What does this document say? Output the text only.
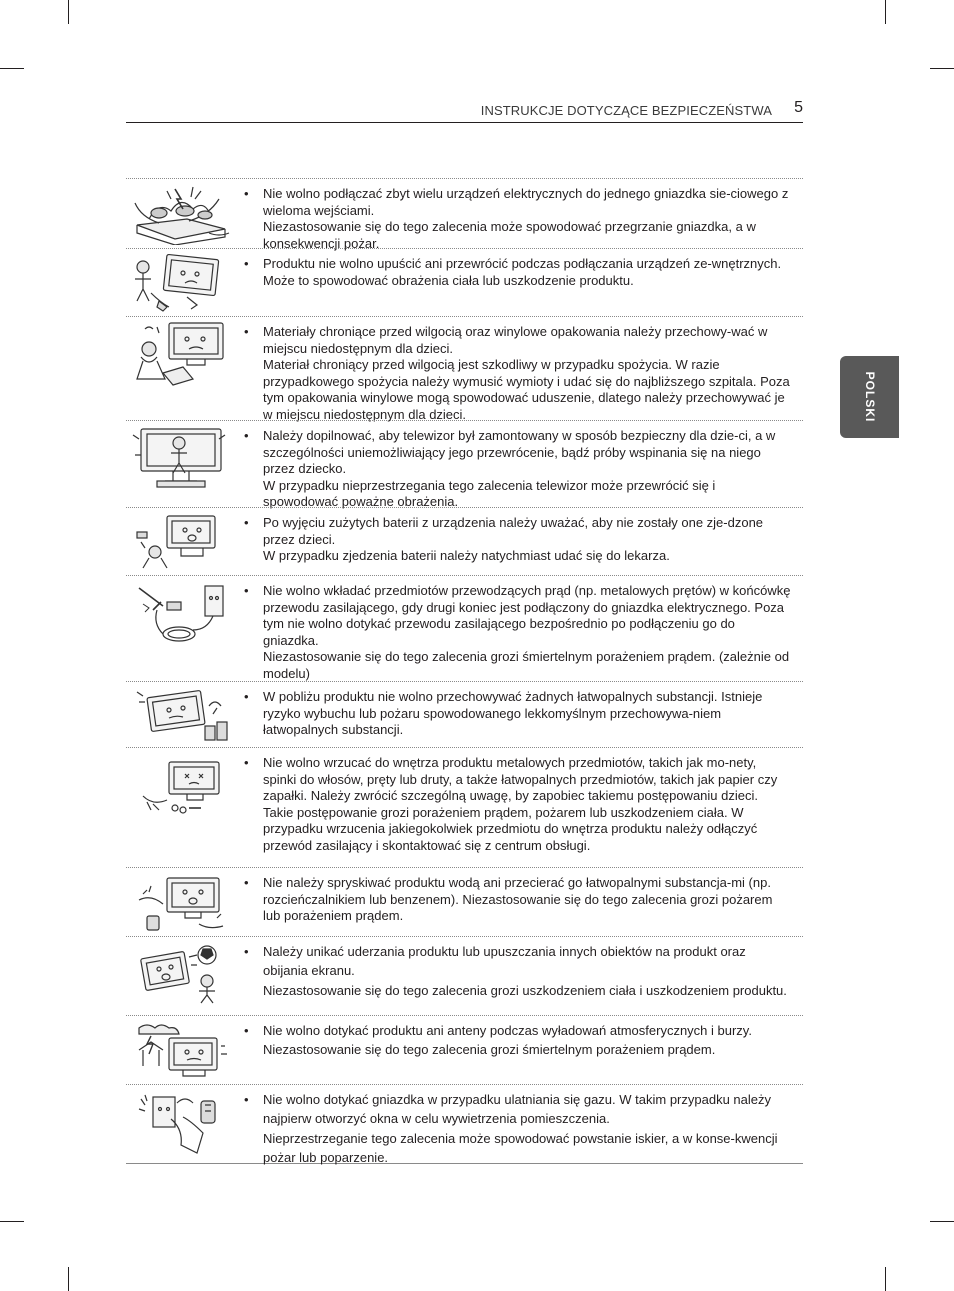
INSTRUKCJE DOTYCZĄCE BEZPIECZEŃSTWA 5
POLSKI
• Nie wolno podłączać zbyt wielu urządzeń elektrycznych do jednego gniazdka sie-ciowego z wieloma wejściami.

Niezastosowanie się do tego zalecenia może spowodować przegrzanie gniazdka, a w konsekwencji pożar.

• Produktu nie wolno upuścić ani przewrócić podczas podłączania urządzeń ze-wnętrznych.

Może to spowodować obrażenia ciała lub uszkodzenie produktu.

• Materiały chroniące przed wilgocią oraz winylowe opakowania należy przechowy-wać w miejscu niedostępnym dla dzieci.

Materiał chroniący przed wilgocią jest szkodliwy w przypadku spożycia. W razie przypadkowego spożycia należy wymusić wymioty i udać się do najbliższego szpitala. Poza tym opakowania winylowe mogą spowodować uduszenie, dlatego należy przechowywać je w miejscu niedostępnym dla dzieci.

• Należy dopilnować, aby telewizor był zamontowany w sposób bezpieczny dla dzie-ci, a w szczególności uniemożliwiający jego przewrócenie, bądź próby wspinania się na niego przez dziecko.

W przypadku nieprzestrzegania tego zalecenia telewizor może przewrócić się i spowodować poważne obrażenia.

• Po wyjęciu zużytych baterii z urządzenia należy uważać, aby nie zostały one zje-dzone przez dzieci.

W przypadku zjedzenia baterii należy natychmiast udać się do lekarza.

• Nie wolno wkładać przedmiotów przewodzących prąd (np. metalowych prętów) w końcówkę przewodu zasilającego, gdy drugi koniec jest podłączony do gniazdka elektrycznego. Poza tym nie wolno dotykać przewodu zasilającego bezpośrednio po podłączeniu go do gniazdka.

Niezastosowanie się do tego zalecenia grozi śmiertelnym porażeniem prądem. (zależnie od modelu)

• W pobliżu produktu nie wolno przechowywać żadnych łatwopalnych substancji. Istnieje ryzyko wybuchu lub pożaru spowodowanego lekkomyślnym przechowywa-niem łatwopalnych substancji.

• Nie wolno wrzucać do wnętrza produktu metalowych przedmiotów, takich jak mo-nety, spinki do włosów, pręty lub druty, a także łatwopalnych przedmiotów, takich jak papier czy zapałki. Należy zwrócić szczególną uwagę, by zapobiec takiemu postępowaniu dzieci.

Takie postępowanie grozi porażeniem prądem, pożarem lub uszkodzeniem ciała. W przypadku wrzucenia jakiegokolwiek przedmiotu do wnętrza produktu należy odłączyć przewód zasilający i skontaktować się z centrum obsługi.

• Nie należy spryskiwać produktu wodą ani przecierać go łatwopalnymi substancja-mi (np. rozcieńczalnikiem lub benzenem). Niezastosowanie się do tego zalecenia grozi pożarem lub porażeniem prądem.

• Należy unikać uderzania produktu lub upuszczania innych obiektów na produkt oraz obijania ekranu.

Niezastosowanie się do tego zalecenia grozi uszkodzeniem ciała i uszkodzeniem produktu.

• Nie wolno dotykać produktu ani anteny podczas wyładowań atmosferycznych i burzy.

Niezastosowanie się do tego zalecenia grozi śmiertelnym porażeniem prądem.

• Nie wolno dotykać gniazdka w przypadku ulatniania się gazu. W takim przypadku należy najpierw otworzyć okna w celu wywietrzenia pomieszczenia.

Nieprzestrzeganie tego zalecenia może spowodować powstanie iskier, a w konse-kwencji pożar lub poparzenie.
